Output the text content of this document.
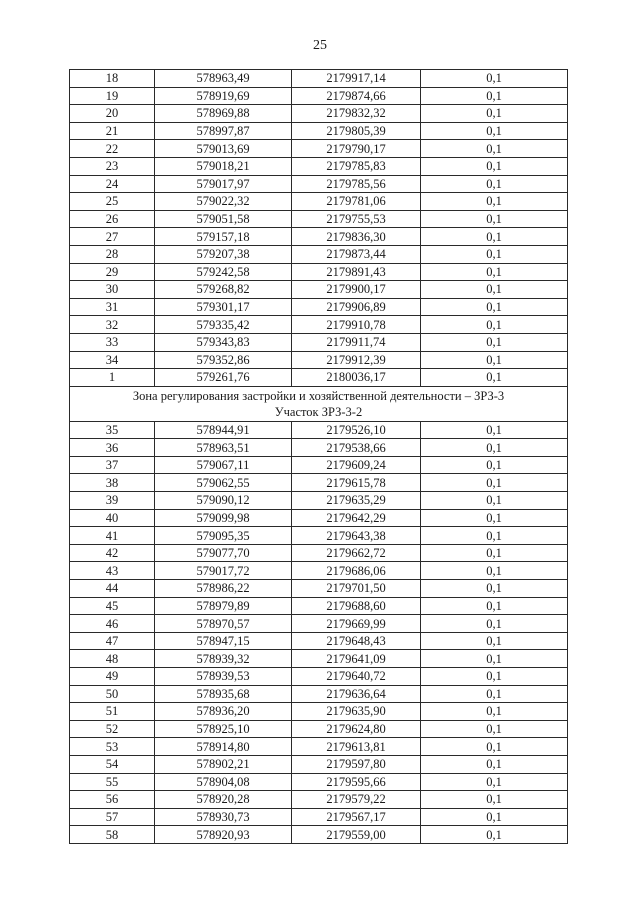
25
18	578963,49	2179917,14	0,1
19	578919,69	2179874,66	0,1
20	578969,88	2179832,32	0,1
21	578997,87	2179805,39	0,1
22	579013,69	2179790,17	0,1
23	579018,21	2179785,83	0,1
24	579017,97	2179785,56	0,1
25	579022,32	2179781,06	0,1
26	579051,58	2179755,53	0,1
27	579157,18	2179836,30	0,1
28	579207,38	2179873,44	0,1
29	579242,58	2179891,43	0,1
30	579268,82	2179900,17	0,1
31	579301,17	2179906,89	0,1
32	579335,42	2179910,78	0,1
33	579343,83	2179911,74	0,1
34	579352,86	2179912,39	0,1
1	579261,76	2180036,17	0,1

Зона регулирования застройки и хозяйственной деятельности – ЗРЗ-3
Участок ЗРЗ-3-2			

35	578944,91	2179526,10	0,1
36	578963,51	2179538,66	0,1
37	579067,11	2179609,24	0,1
38	579062,55	2179615,78	0,1
39	579090,12	2179635,29	0,1
40	579099,98	2179642,29	0,1
41	579095,35	2179643,38	0,1
42	579077,70	2179662,72	0,1
43	579017,72	2179686,06	0,1
44	578986,22	2179701,50	0,1
45	578979,89	2179688,60	0,1
46	578970,57	2179669,99	0,1
47	578947,15	2179648,43	0,1
48	578939,32	2179641,09	0,1
49	578939,53	2179640,72	0,1
50	578935,68	2179636,64	0,1
51	578936,20	2179635,90	0,1
52	578925,10	2179624,80	0,1
53	578914,80	2179613,81	0,1
54	578902,21	2179597,80	0,1
55	578904,08	2179595,66	0,1
56	578920,28	2179579,22	0,1
57	578930,73	2179567,17	0,1
58	578920,93	2179559,00	0,1
